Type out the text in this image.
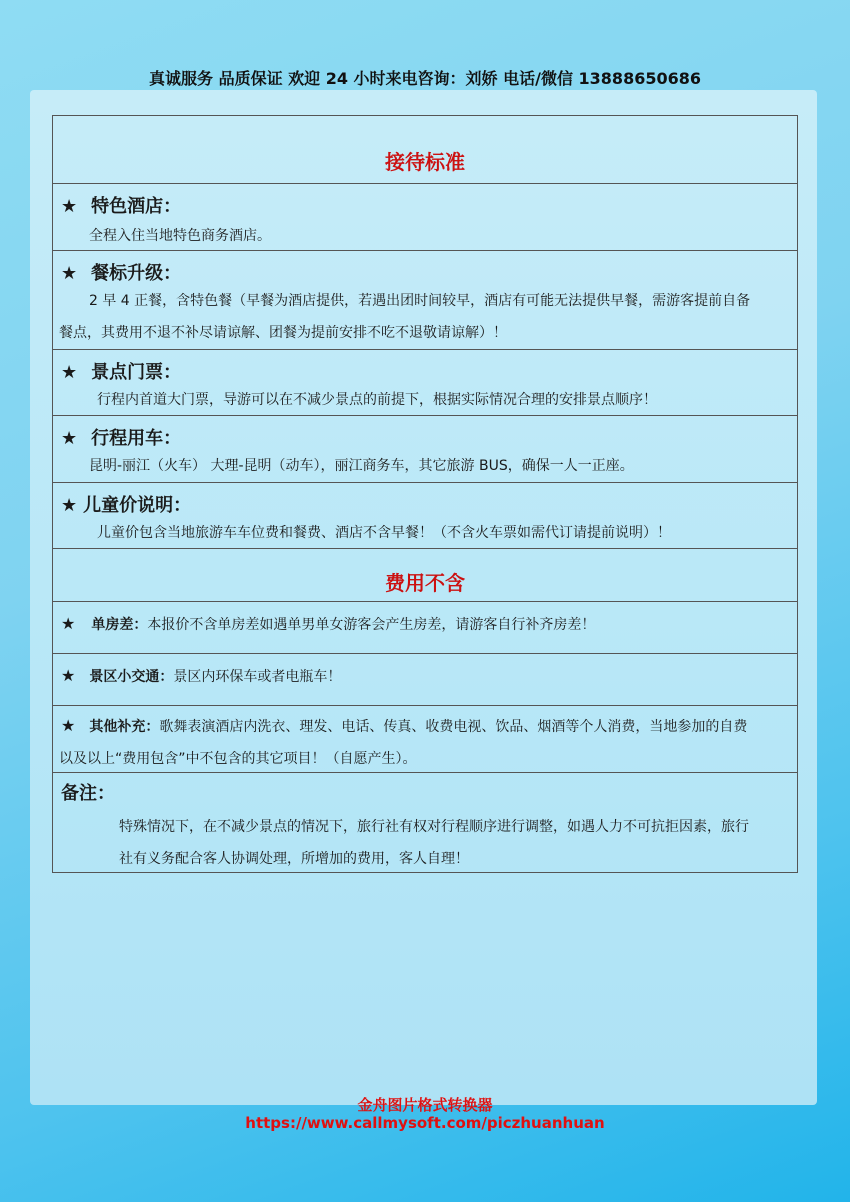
真诚服务 品质保证 欢迎 24 小时来电咨询：刘娇 电话/微信 13888650686
接待标准
★ 特色酒店：
全程入住当地特色商务酒店。
★ 餐标升级：
2 早 4 正餐，含特色餐（早餐为酒店提供，若遇出团时间较早，酒店有可能无法提供早餐，需游客提前自备
餐点，其费用不退不补尽请谅解、团餐为提前安排不吃不退敬请谅解）！
★ 景点门票：
行程内首道大门票，导游可以在不减少景点的前提下，根据实际情况合理的安排景点顺序！
★ 行程用车：
昆明-丽江（火车） 大理-昆明（动车），丽江商务车，其它旅游 BUS，确保一人一正座。
★ 儿童价说明：
儿童价包含当地旅游车车位费和餐费、酒店不含早餐！（不含火车票如需代订请提前说明）！
费用不含
★ 单房差：本报价不含单房差如遇单男单女游客会产生房差，请游客自行补齐房差！
★ 景区小交通：景区内环保车或者电瓶车！
★ 其他补充：歌舞表演酒店内洗衣、理发、电话、传真、收费电视、饮品、烟酒等个人消费，当地参加的自费
以及以上“费用包含”中不包含的其它项目！（自愿产生）。
备注：
特殊情况下，在不减少景点的情况下，旅行社有权对行程顺序进行调整，如遇人力不可抗拒因素，旅行
社有义务配合客人协调处理，所增加的费用，客人自理！
金舟图片格式转换器
https://www.callmysoft.com/piczhuanhuan
